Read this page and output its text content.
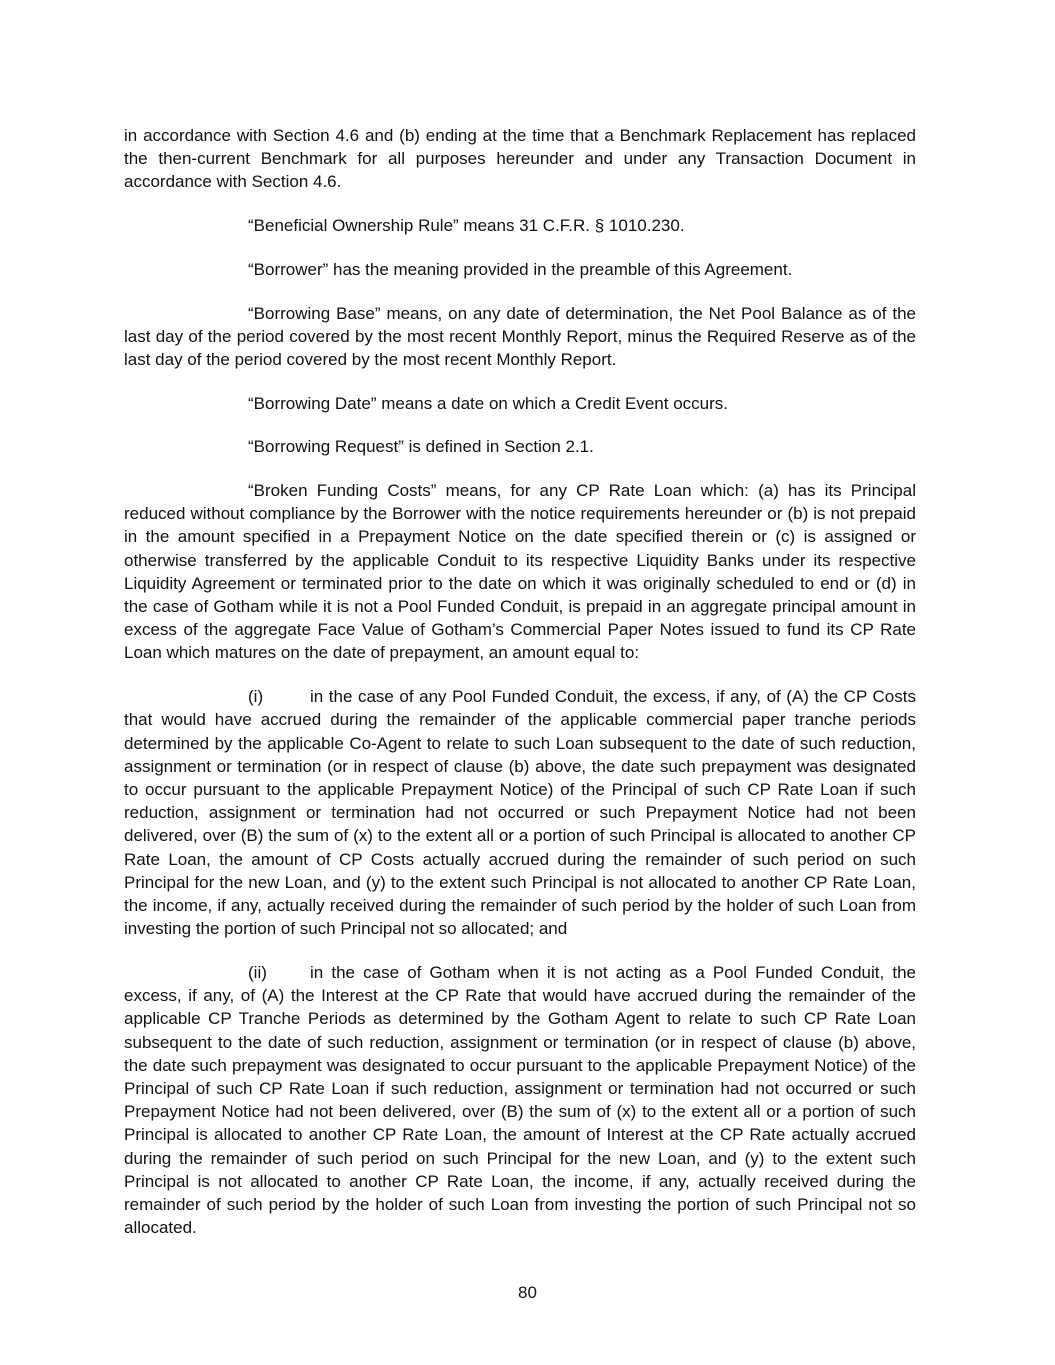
in accordance with Section 4.6 and (b) ending at the time that a Benchmark Replacement has replaced the then-current Benchmark for all purposes hereunder and under any Transaction Document in accordance with Section 4.6.

“Beneficial Ownership Rule” means 31 C.F.R. § 1010.230.

“Borrower” has the meaning provided in the preamble of this Agreement.

“Borrowing Base” means, on any date of determination, the Net Pool Balance as of the last day of the period covered by the most recent Monthly Report, minus the Required Reserve as of the last day of the period covered by the most recent Monthly Report.

“Borrowing Date” means a date on which a Credit Event occurs.

“Borrowing Request” is defined in Section 2.1.

“Broken Funding Costs” means, for any CP Rate Loan which: (a) has its Principal reduced without compliance by the Borrower with the notice requirements hereunder or (b) is not prepaid in the amount specified in a Prepayment Notice on the date specified therein or (c) is assigned or otherwise transferred by the applicable Conduit to its respective Liquidity Banks under its respective Liquidity Agreement or terminated prior to the date on which it was originally scheduled to end or (d) in the case of Gotham while it is not a Pool Funded Conduit, is prepaid in an aggregate principal amount in excess of the aggregate Face Value of Gotham’s Commercial Paper Notes issued to fund its CP Rate Loan which matures on the date of prepayment, an amount equal to:

(i)	in the case of any Pool Funded Conduit, the excess, if any, of (A) the CP Costs that would have accrued during the remainder of the applicable commercial paper tranche periods determined by the applicable Co-Agent to relate to such Loan subsequent to the date of such reduction, assignment or termination (or in respect of clause (b) above, the date such prepayment was designated to occur pursuant to the applicable Prepayment Notice) of the Principal of such CP Rate Loan if such reduction, assignment or termination had not occurred or such Prepayment Notice had not been delivered, over (B) the sum of (x) to the extent all or a portion of such Principal is allocated to another CP Rate Loan, the amount of CP Costs actually accrued during the remainder of such period on such Principal for the new Loan, and (y) to the extent such Principal is not allocated to another CP Rate Loan, the income, if any, actually received during the remainder of such period by the holder of such Loan from investing the portion of such Principal not so allocated; and

(ii)	in the case of Gotham when it is not acting as a Pool Funded Conduit, the excess, if any, of (A) the Interest at the CP Rate that would have accrued during the remainder of the applicable CP Tranche Periods as determined by the Gotham Agent to relate to such CP Rate Loan subsequent to the date of such reduction, assignment or termination (or in respect of clause (b) above, the date such prepayment was designated to occur pursuant to the applicable Prepayment Notice) of the Principal of such CP Rate Loan if such reduction, assignment or termination had not occurred or such Prepayment Notice had not been delivered, over (B) the sum of (x) to the extent all or a portion of such Principal is allocated to another CP Rate Loan, the amount of Interest at the CP Rate actually accrued during the remainder of such period on such Principal for the new Loan, and (y) to the extent such Principal is not allocated to another CP Rate Loan, the income, if any, actually received during the remainder of such period by the holder of such Loan from investing the portion of such Principal not so allocated.

80
